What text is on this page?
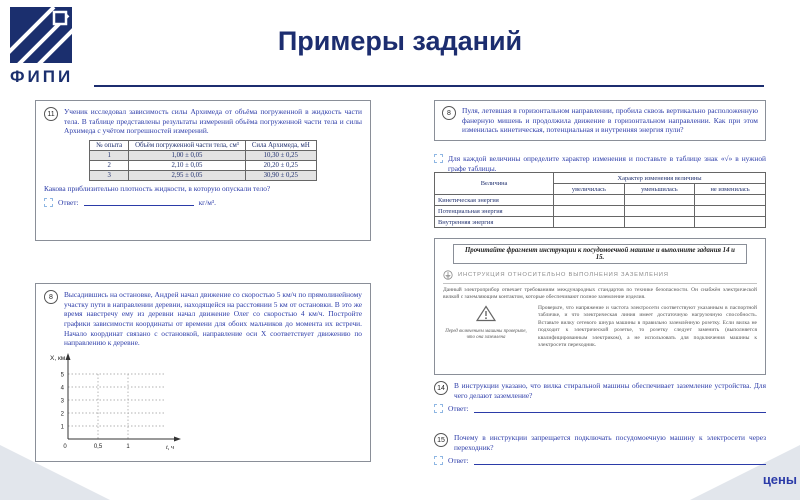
ФИПИ
Примеры заданий
11	Ученик исследовал зависимость силы Архимеда от объёма погруженной в жидкость части тела. В таблице представлены результаты измерений объёма погруженной части тела и силы Архимеда с учётом погрешностей измерений.

№ опыта	Объём погруженной части тела, см³	Сила Архимеда, мН
1	1,00 ± 0,05	10,30 ± 0,25
2	2,10 ± 0,05	20,20 ± 0,25
3	2,95 ± 0,05	30,90 ± 0,25

Какова приблизительно плотность жидкости, в которую опускали тело?

Ответ:	кг/м³.
8	Высадившись на остановке, Андрей начал движение со скоростью 5 км/ч по прямолинейному участку пути в направлении деревни, находящейся на расстоянии 5 км от остановки. В это же время навстречу ему из деревни начал движение Олег со скоростью 4 км/ч. Постройте графики зависимости координаты от времени для обоих мальчиков до момента их встречи. Начало координат связано с остановкой, направление оси Х соответствует движению по направлению к деревне.

Х, км
5
4
3
2
1
0	0,5	1	t, ч
8	Пуля, летевшая в горизонтальном направлении, пробила сквозь вертикально расположенную фанерную мишень и продолжила движение в горизонтальном направлении. Как при этом изменилась кинетическая, потенциальная и внутренняя энергия пули?

Для каждой величины определите характер изменения и поставьте в таблице знак «√» в нужной графе таблицы.

Величина	Характер изменения величины		
	увеличилась	уменьшилась	не изменилась
Кинетическая энергия			
Потенциальная энергия			
Внутренняя энергия			
Прочитайте фрагмент инструкции к посудомоечной машине и выполните задания 14 и 15.
ИНСТРУКЦИЯ ОТНОСИТЕЛЬНО ВЫПОЛНЕНИЯ ЗАЗЕМЛЕНИЯ

Данный электроприбор отвечает требованиям международных стандартов по технике безопасности. Он снабжён электрической вилкой с заземляющим контактом, которые обеспечивают полное заземление изделия.

Перед включением машины проверьте, что она заземлена

Проверьте, что напряжение и частота электросети соответствуют указанным в паспортной табличке, и что электрическая линия имеет достаточную нагрузочную способность. Вставьте вилку сетевого шнура машины в правильно заземлённую розетку. Если вилка не подходит к электрической розетке, то розетку следует заменить (выполняется квалифицированным электриком), а не использовать для подключения машины к электросети переходник.

14	В инструкции указано, что вилка стиральной машины обеспечивает заземление устройства. Для чего делают заземление?

Ответ:
15	Почему в инструкции запрещается подключать посудомоечную машину к электросети через переходник?

Ответ:
цены
